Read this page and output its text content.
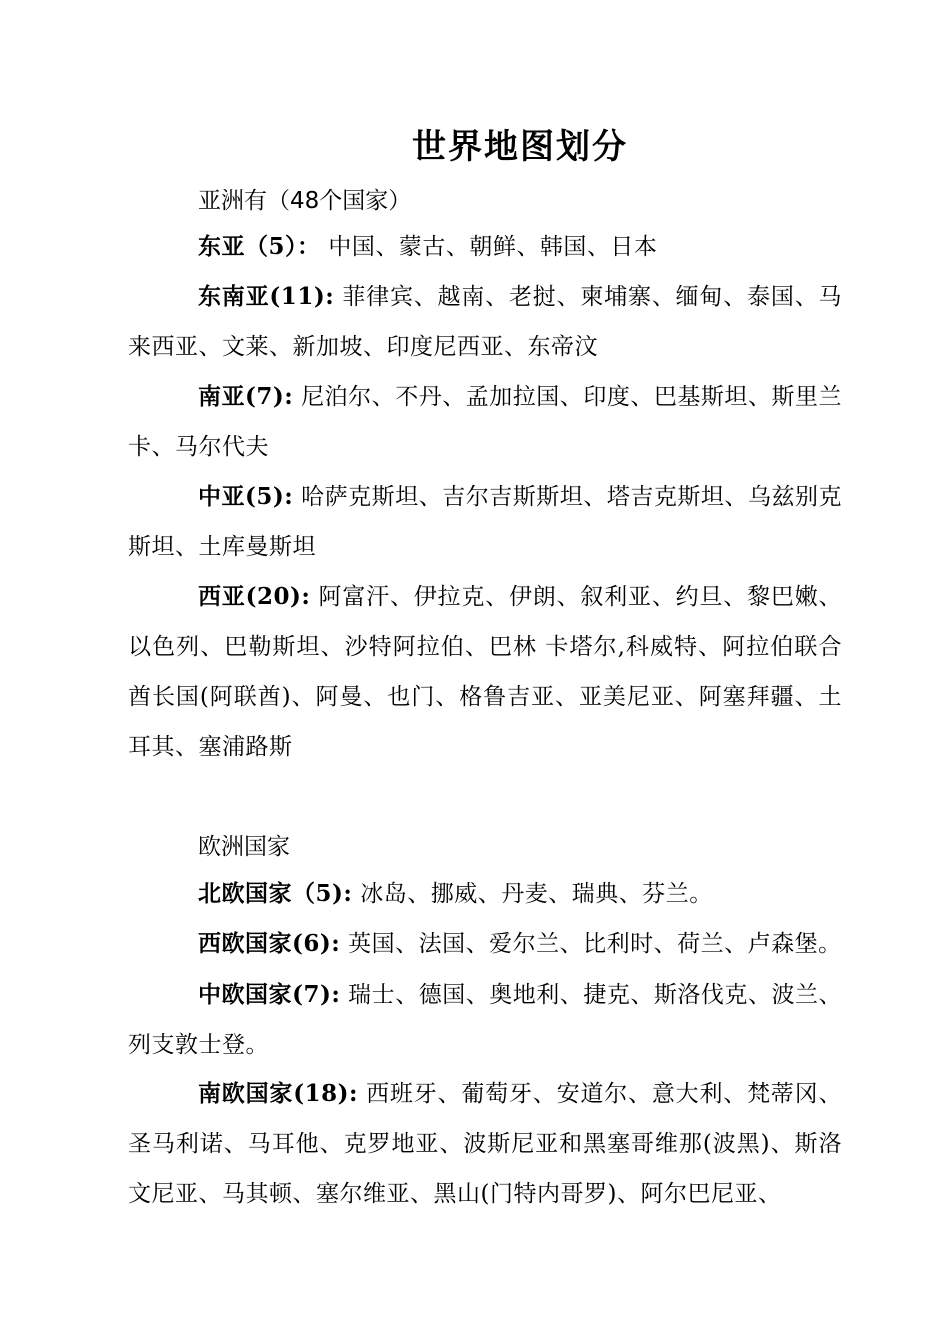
世界地图划分

亚洲有（48个国家）

东亚（5）： 中国、蒙古、朝鲜、韩国、日本

东南亚(11): 菲律宾、越南、老挝、柬埔寨、缅甸、泰国、马来西亚、文莱、新加坡、印度尼西亚、东帝汶

南亚(7): 尼泊尔、不丹、孟加拉国、印度、巴基斯坦、斯里兰卡、马尔代夫

中亚(5): 哈萨克斯坦、吉尔吉斯斯坦、塔吉克斯坦、乌兹别克斯坦、土库曼斯坦

西亚(20): 阿富汗、伊拉克、伊朗、叙利亚、约旦、黎巴嫩、以色列、巴勒斯坦、沙特阿拉伯、巴林 卡塔尔,科威特、阿拉伯联合酋长国(阿联酋)、阿曼、也门、格鲁吉亚、亚美尼亚、阿塞拜疆、土耳其、塞浦路斯

欧洲国家

北欧国家（5): 冰岛、挪威、丹麦、瑞典、芬兰。

西欧国家(6): 英国、法国、爱尔兰、比利时、荷兰、卢森堡。

中欧国家(7): 瑞士、德国、奥地利、捷克、斯洛伐克、波兰、列支敦士登。

南欧国家(18): 西班牙、葡萄牙、安道尔、意大利、梵蒂冈、圣马利诺、马耳他、克罗地亚、波斯尼亚和黑塞哥维那(波黑)、斯洛文尼亚、马其顿、塞尔维亚、黑山(门特内哥罗)、阿尔巴尼亚、
